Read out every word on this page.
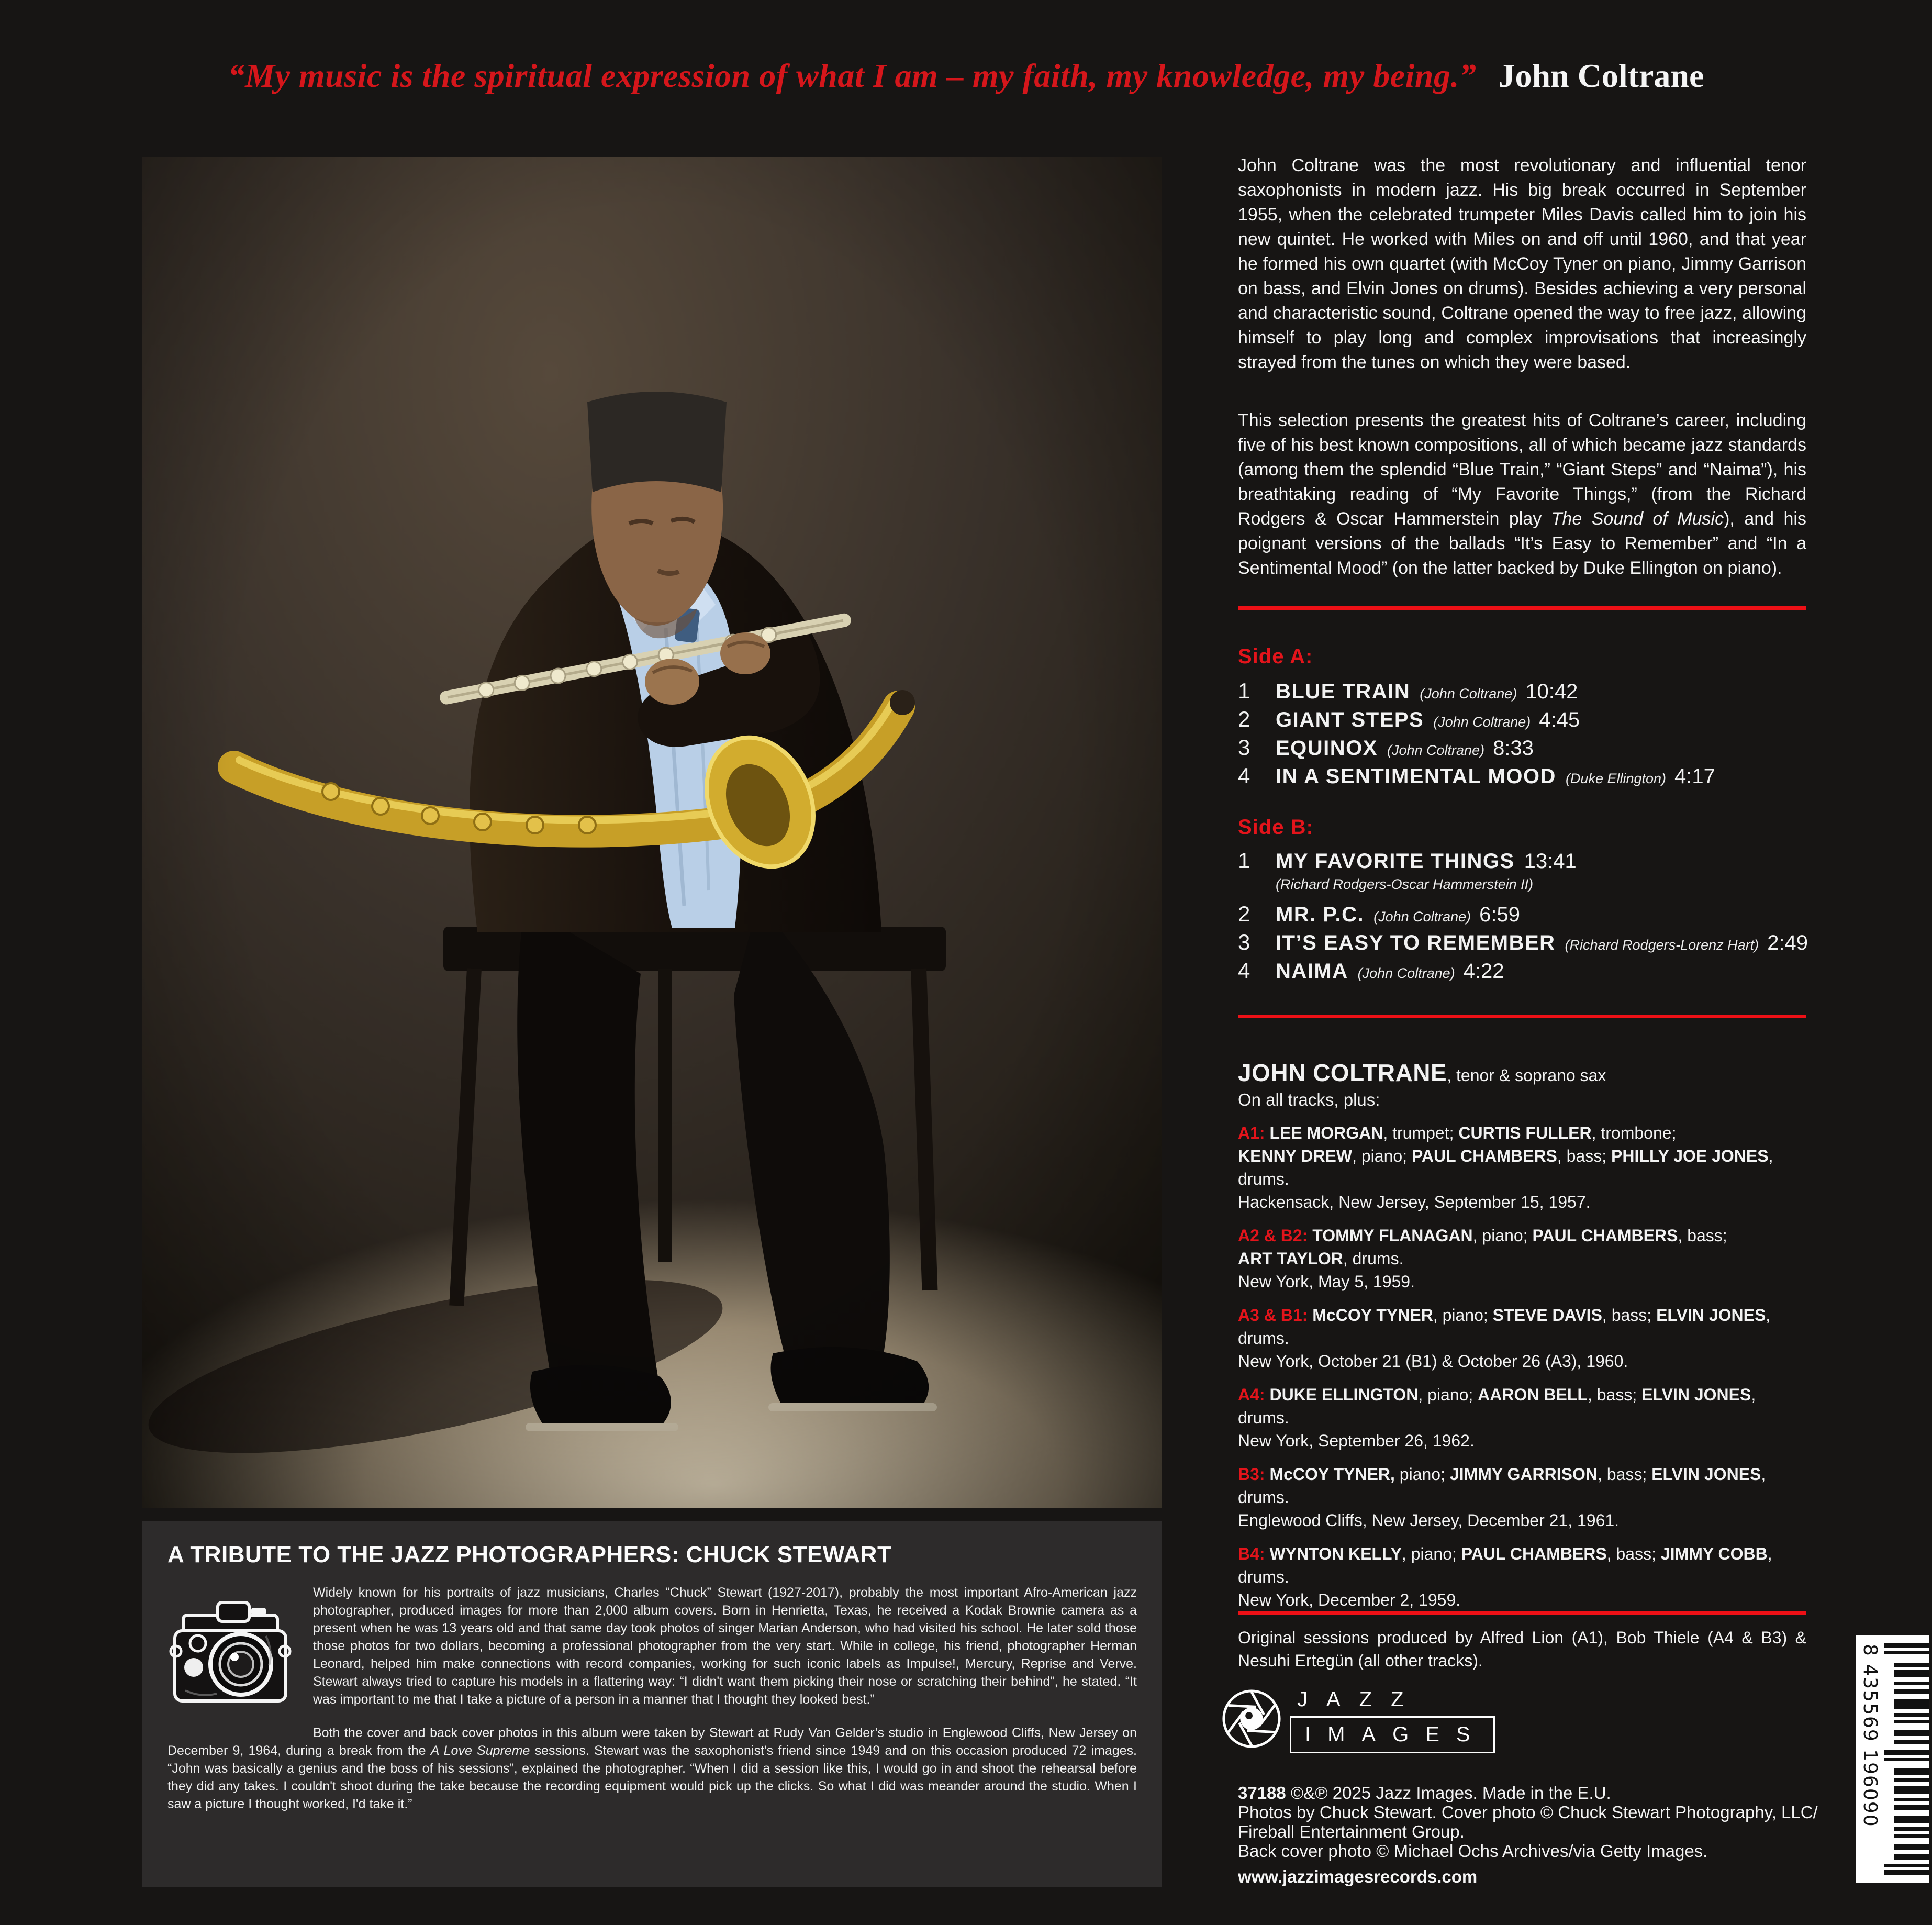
“My music is the spiritual expression of what I am – my faith, my knowledge, my being.” John Coltrane
John Coltrane was the most revolutionary and influential tenor saxophonists in modern jazz. His big break occurred in September 1955, when the celebrated trumpeter Miles Davis called him to join his new quintet. He worked with Miles on and off until 1960, and that year he formed his own quartet (with McCoy Tyner on piano, Jimmy Garrison on bass, and Elvin Jones on drums). Besides achieving a very personal and characteristic sound, Coltrane opened the way to free jazz, allowing himself to play long and complex improvisations that increasingly strayed from the tunes on which they were based.
This selection presents the greatest hits of Coltrane’s career, including five of his best known compositions, all of which became jazz standards (among them the splendid “Blue Train,” “Giant Steps” and “Naima”), his breathtaking reading of “My Favorite Things,” (from the Richard Rodgers & Oscar Hammerstein play The Sound of Music), and his poignant versions of the ballads “It’s Easy to Remember” and “In a Sentimental Mood” (on the latter backed by Duke Ellington on piano).
Side A:
1	BLUE TRAIN (John Coltrane) 10:42
2	GIANT STEPS (John Coltrane) 4:45
3	EQUINOX (John Coltrane) 8:33
4	IN A SENTIMENTAL MOOD (Duke Ellington) 4:17
Side B:
1	MY FAVORITE THINGS 13:41
(Richard Rodgers-Oscar Hammerstein II)
2	MR. P.C. (John Coltrane) 6:59
3	IT’S EASY TO REMEMBER (Richard Rodgers-Lorenz Hart) 2:49
4	NAIMA (John Coltrane) 4:22
JOHN COLTRANE, tenor & soprano sax
On all tracks, plus:
A1: LEE MORGAN, trumpet; CURTIS FULLER, trombone;
KENNY DREW, piano; PAUL CHAMBERS, bass; PHILLY JOE JONES, drums.
Hackensack, New Jersey, September 15, 1957.
A2 & B2: TOMMY FLANAGAN, piano; PAUL CHAMBERS, bass;
ART TAYLOR, drums.
New York, May 5, 1959.
A3 & B1: McCOY TYNER, piano; STEVE DAVIS, bass; ELVIN JONES, drums.
New York, October 21 (B1) & October 26 (A3), 1960.
A4: DUKE ELLINGTON, piano; AARON BELL, bass; ELVIN JONES, drums.
New York, September 26, 1962.
B3: McCOY TYNER, piano; JIMMY GARRISON, bass; ELVIN JONES, drums.
Englewood Cliffs, New Jersey, December 21, 1961.
B4: WYNTON KELLY, piano; PAUL CHAMBERS, bass; JIMMY COBB, drums.
New York, December 2, 1959.
Original sessions produced by Alfred Lion (A1), Bob Thiele (A4 & B3) & Nesuhi Ertegün (all other tracks).
JAZZ
IMAGES
37188 ©&℗ 2025 Jazz Images. Made in the E.U.
Photos by Chuck Stewart. Cover photo © Chuck Stewart Photography, LLC/
Fireball Entertainment Group.
Back cover photo © Michael Ochs Archives/via Getty Images.
www.jazzimagesrecords.com
8 435569 196090
A TRIBUTE TO THE JAZZ PHOTOGRAPHERS: CHUCK STEWART
Widely known for his portraits of jazz musicians, Charles “Chuck” Stewart (1927-2017), probably the most important Afro-American jazz photographer, produced images for more than 2,000 album covers. Born in Henrietta, Texas, he received a Kodak Brownie camera as a present when he was 13 years old and that same day took photos of singer Marian Anderson, who had visited his school. He later sold those those photos for two dollars, becoming a professional photographer from the very start. While in college, his friend, photographer Herman Leonard, helped him make connections with record companies, working for such iconic labels as Impulse!, Mercury, Reprise and Verve. Stewart always tried to capture his models in a flattering way: “I didn't want them picking their nose or scratching their behind”, he stated. “It was important to me that I take a picture of a person in a manner that I thought they looked best.”
Both the cover and back cover photos in this album were taken by Stewart at Rudy Van Gelder’s studio in Englewood Cliffs, New Jersey on December 9, 1964, during a break from the A Love Supreme sessions. Stewart was the saxophonist's friend since 1949 and on this occasion produced 72 images. “John was basically a genius and the boss of his sessions”, explained the photographer. “When I did a session like this, I would go in and shoot the rehearsal before they did any takes. I couldn't shoot during the take because the recording equipment would pick up the clicks. So what I did was meander around the studio. When I saw a picture I thought worked, I'd take it.”
